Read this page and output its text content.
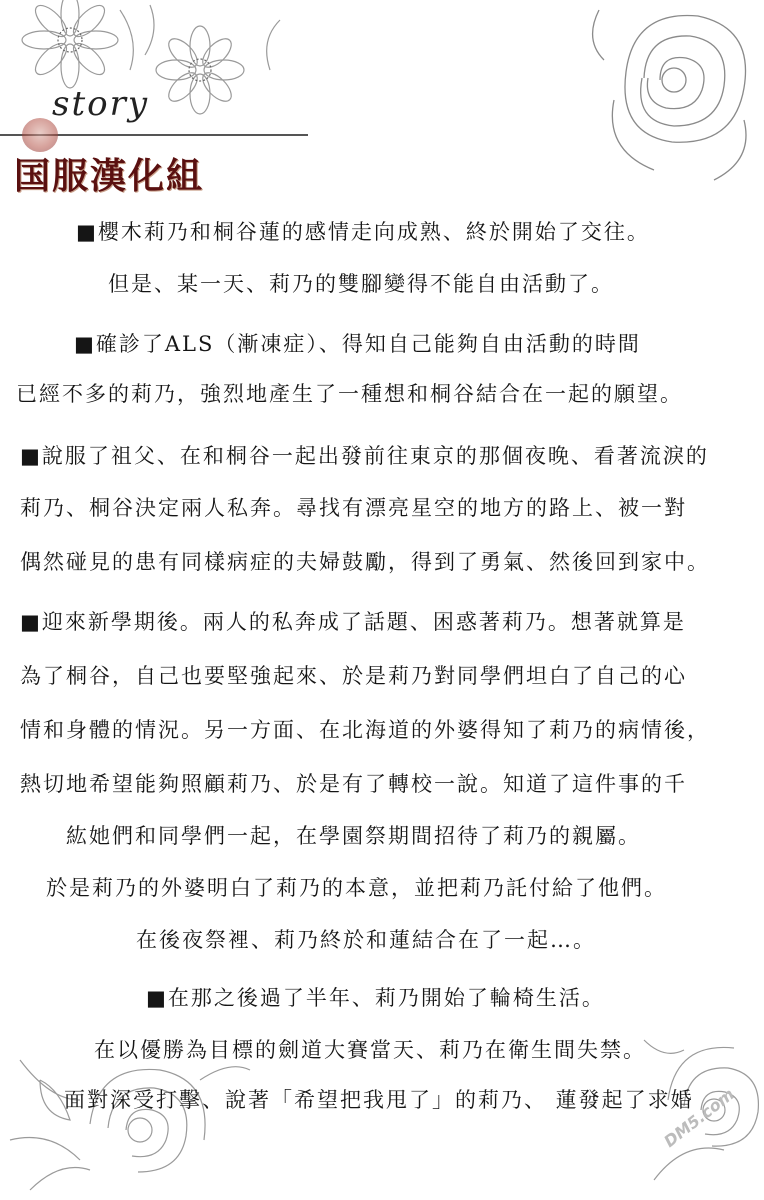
story
国服漢化組
■櫻木莉乃和桐谷蓮的感情走向成熟、終於開始了交往。
但是、某一天、莉乃的雙腳變得不能自由活動了。
■確診了ALS（漸凍症）、得知自己能夠自由活動的時間
已經不多的莉乃，強烈地產生了一種想和桐谷結合在一起的願望。
■說服了祖父、在和桐谷一起出發前往東京的那個夜晚、看著流淚的
莉乃、桐谷決定兩人私奔。尋找有漂亮星空的地方的路上、被一對
偶然碰見的患有同樣病症的夫婦鼓勵，得到了勇氣、然後回到家中。
■迎來新學期後。兩人的私奔成了話題、困惑著莉乃。想著就算是
為了桐谷，自己也要堅強起來、於是莉乃對同學們坦白了自己的心
情和身體的情況。另一方面、在北海道的外婆得知了莉乃的病情後，
熱切地希望能夠照顧莉乃、於是有了轉校一說。知道了這件事的千
紘她們和同學們一起，在學園祭期間招待了莉乃的親屬。
於是莉乃的外婆明白了莉乃的本意，並把莉乃託付給了他們。
在後夜祭裡、莉乃終於和蓮結合在了一起…。
■在那之後過了半年、莉乃開始了輪椅生活。
在以優勝為目標的劍道大賽當天、莉乃在衛生間失禁。
面對深受打擊、說著「希望把我甩了」的莉乃、 蓮發起了求婚
DM5.com
